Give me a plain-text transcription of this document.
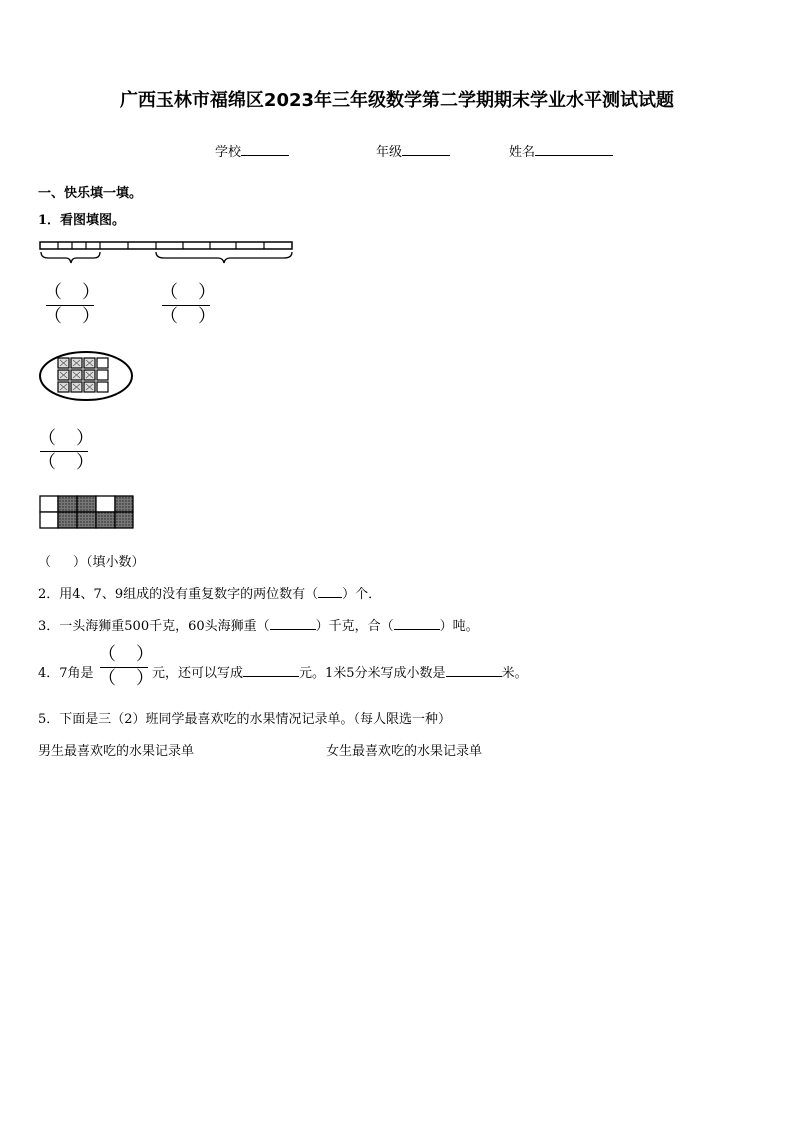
广西玉林市福绵区2023年三年级数学第二学期期末学业水平测试试题
学校	年级	姓名
一、快乐填一填。
1．看图填图。
（ ）
（ ）
（ ）
（ ）
（ ）
（ ）
（ ）（填小数）
2．用4、7、9组成的没有重复数字的两位数有（ ）个．
3．一头海狮重500千克，60头海狮重（	）千克，合（	）吨。
4．7角是
（ ）
（ ）
元，还可以写成	元。1米5分米写成小数是	米。
5．下面是三（2）班同学最喜欢吃的水果情况记录单。（每人限选一种）
男生最喜欢吃的水果记录单	女生最喜欢吃的水果记录单
